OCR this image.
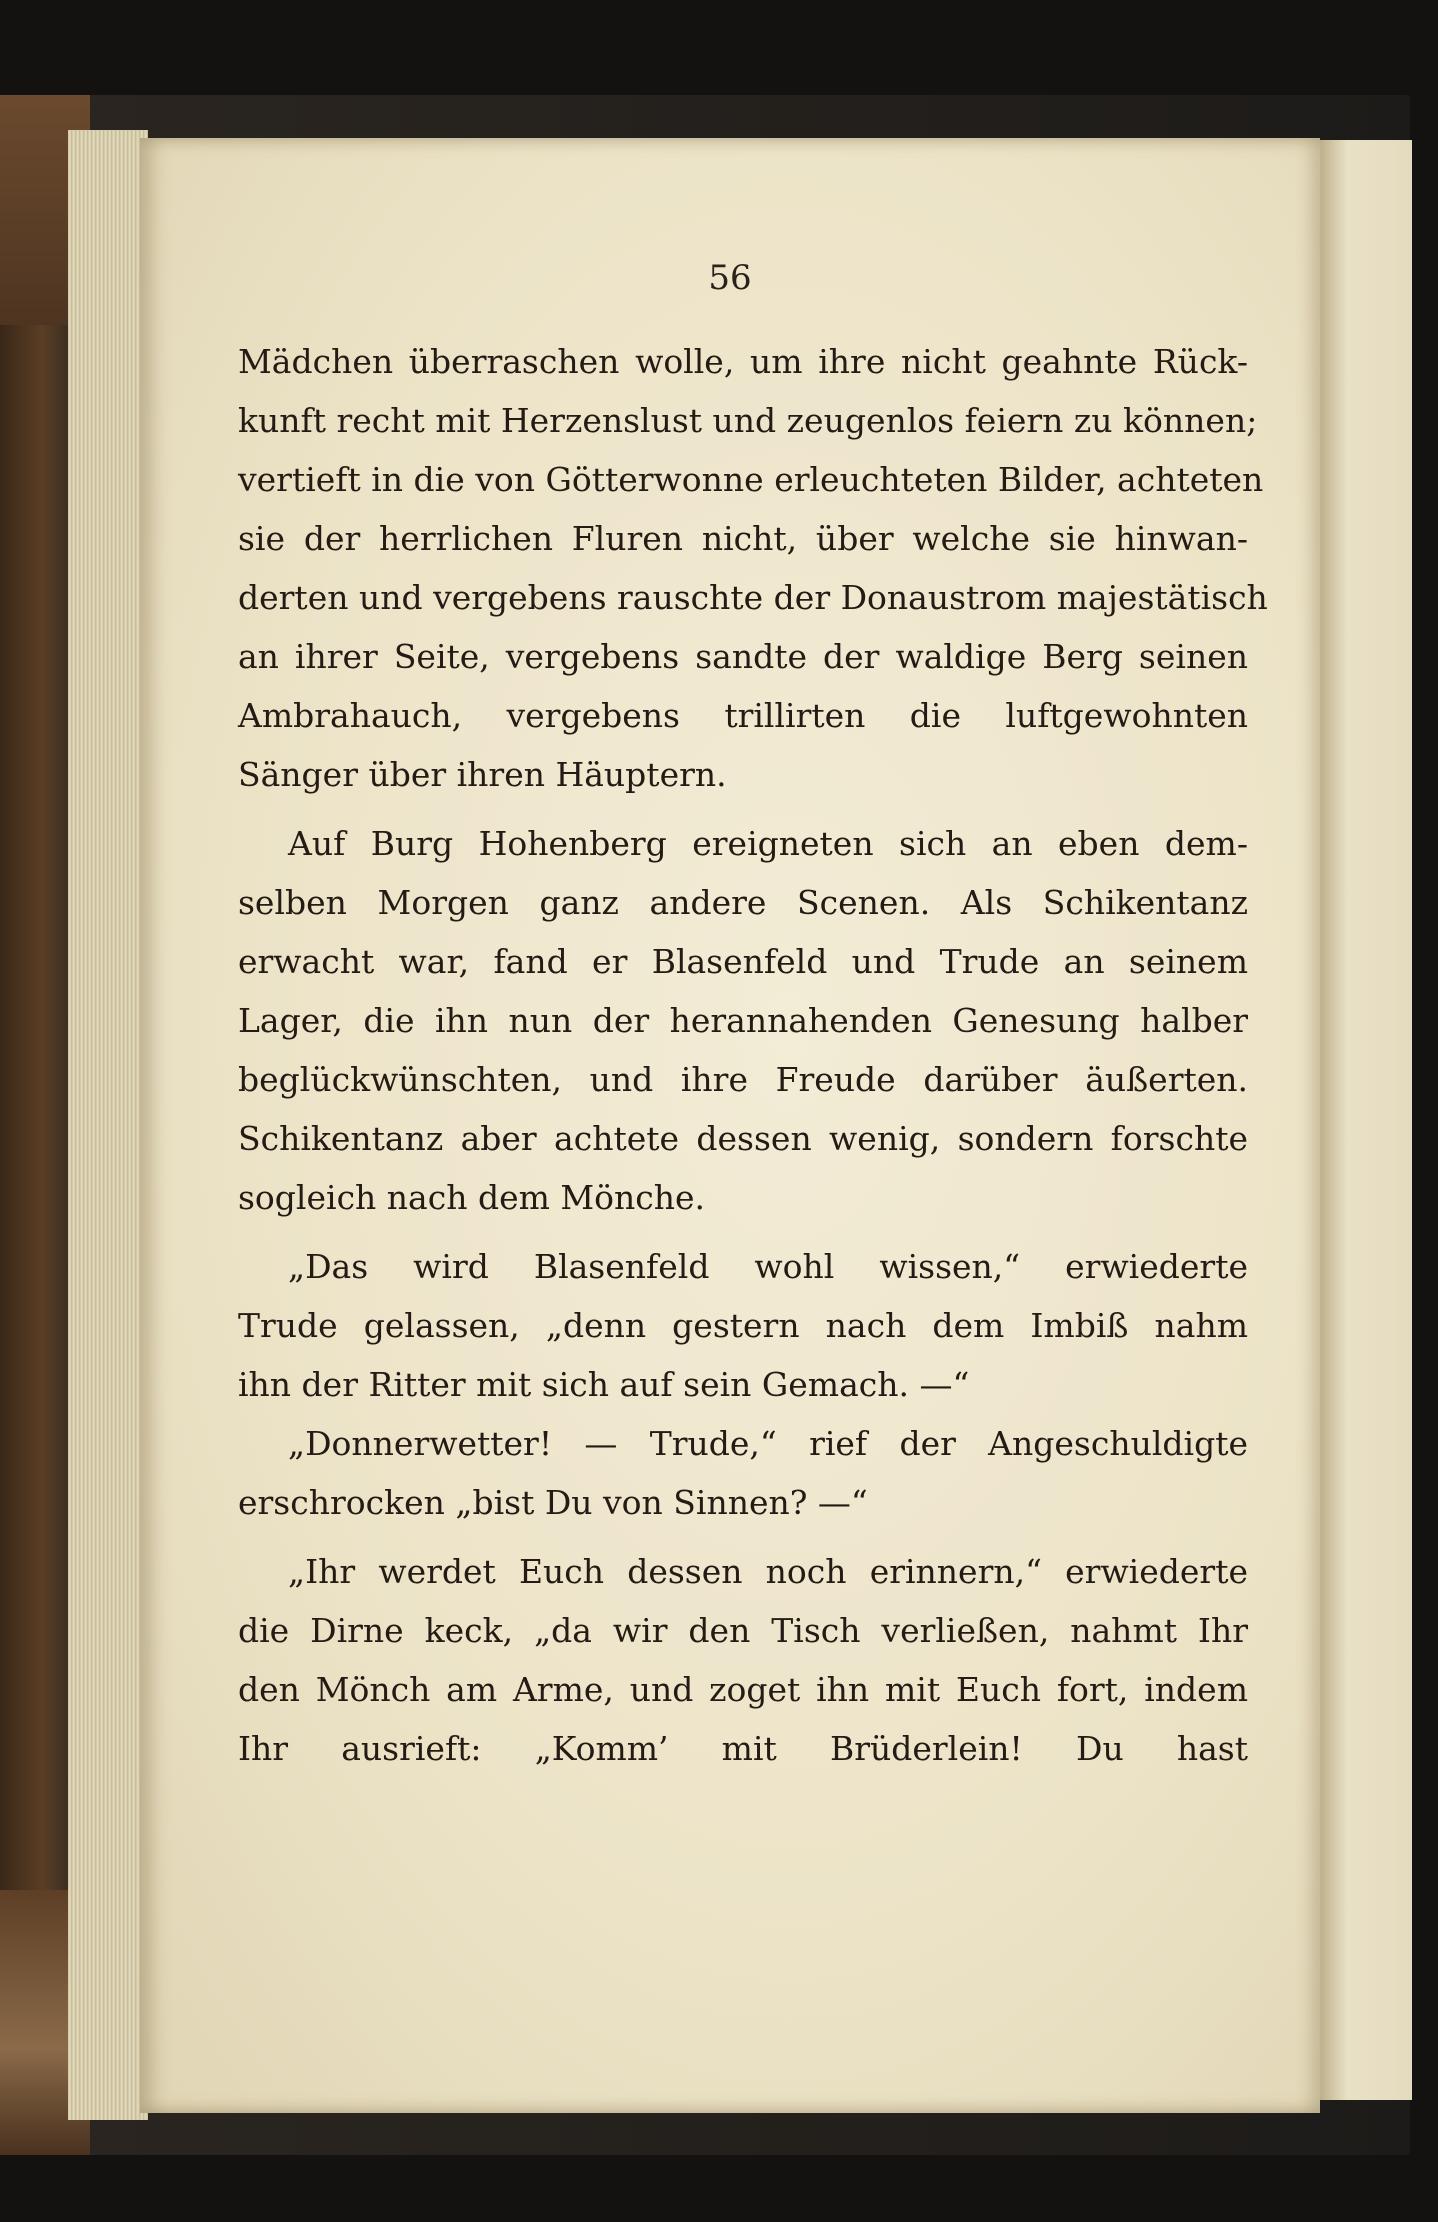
56
Mädchen überraschen wolle, um ihre nicht geahnte Rück-
kunft recht mit Herzenslust und zeugenlos feiern zu können;
vertieft in die von Götterwonne erleuchteten Bilder, achteten
sie der herrlichen Fluren nicht, über welche sie hinwan-
derten und vergebens rauschte der Donaustrom majestätisch
an ihrer Seite, vergebens sandte der waldige Berg seinen
Ambrahauch, vergebens trillirten die luftgewohnten
Sänger über ihren Häuptern.
Auf Burg Hohenberg ereigneten sich an eben dem-
selben Morgen ganz andere Scenen. Als Schikentanz
erwacht war, fand er Blasenfeld und Trude an seinem
Lager, die ihn nun der herannahenden Genesung halber
beglückwünschten, und ihre Freude darüber äußerten.
Schikentanz aber achtete dessen wenig, sondern forschte
sogleich nach dem Mönche.
„Das wird Blasenfeld wohl wissen,“ erwiederte
Trude gelassen, „denn gestern nach dem Imbiß nahm
ihn der Ritter mit sich auf sein Gemach. —“
„Donnerwetter! — Trude,“ rief der Angeschuldigte
erschrocken „bist Du von Sinnen? —“
„Ihr werdet Euch dessen noch erinnern,“ erwiederte
die Dirne keck, „da wir den Tisch verließen, nahmt Ihr
den Mönch am Arme, und zoget ihn mit Euch fort, indem
Ihr ausrieft: „Komm’ mit Brüderlein! Du hast
